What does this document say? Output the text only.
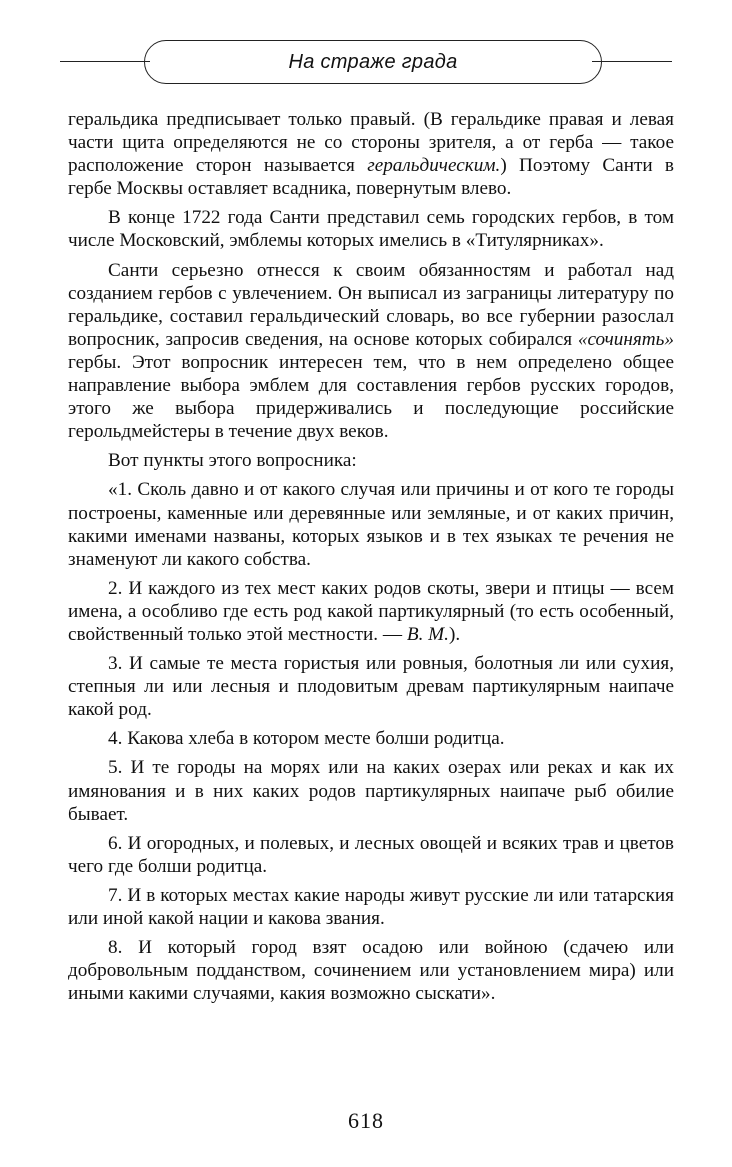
На страже града

геральдика предписывает только правый. (В геральдике правая и левая части щита определяются не со стороны зрителя, а от герба — такое расположение сторон называется геральдическим.) Поэтому Санти в гербе Москвы оставляет всадника, повернутым влево.

В конце 1722 года Санти представил семь городских гербов, в том числе Московский, эмблемы которых имелись в «Титулярниках».

Санти серьезно отнесся к своим обязанностям и работал над созданием гербов с увлечением. Он выписал из заграницы литературу по геральдике, составил геральдический словарь, во все губернии разослал вопросник, запросив сведения, на основе которых собирался «сочинять» гербы. Этот вопросник интересен тем, что в нем определено общее направление выбора эмблем для составления гербов русских городов, этого же выбора придерживались и последующие российские герольдмейстеры в течение двух веков.

Вот пункты этого вопросника:

«1. Сколь давно и от какого случая или причины и от кого те городы построены, каменные или деревянные или земляные, и от каких причин, какими именами названы, которых языков и в тех языках те речения не знаменуют ли какого собства.

2. И каждого из тех мест каких родов скоты, звери и птицы — всем имена, а особливо где есть род какой партикулярный (то есть особенный, свойственный только этой местности. — В. М.).

3. И самые те места гористыя или ровныя, болотныя ли или сухия, степныя ли или лесныя и плодовитым древам партикулярным наипаче какой род.

4. Какова хлеба в котором месте болши родитца.

5. И те городы на морях или на каких озерах или реках и как их имянования и в них каких родов партикулярных наипаче рыб обилие бывает.

6. И огородных, и полевых, и лесных овощей и всяких трав и цветов чего где болши родитца.

7. И в которых местах какие народы живут русские ли или татарския или иной какой нации и какова звания.

8. И который город взят осадою или войною (сдачею или добровольным подданством, сочинением или установлением мира) или иными какими случаями, какия возможно сыскати».

618
